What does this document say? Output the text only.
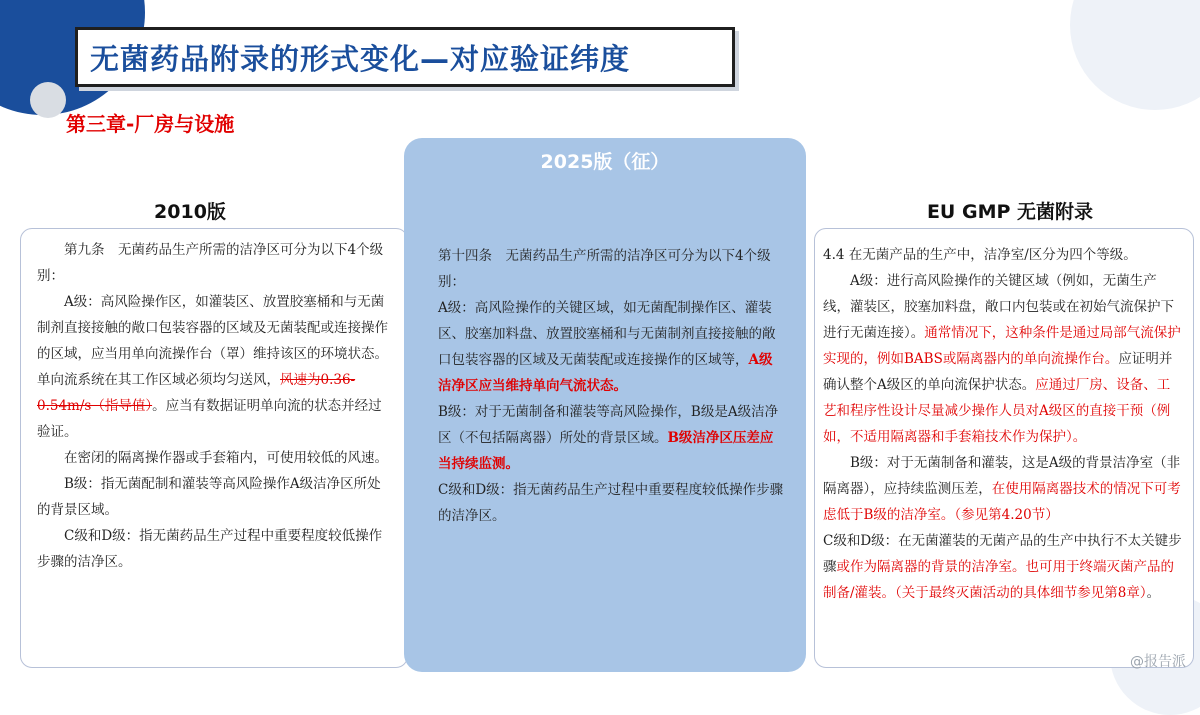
无菌药品附录的形式变化—对应验证纬度
第三章-厂房与设施
2010版

第九条　无菌药品生产所需的洁净区可分为以下4个级别：

A级：高风险操作区，如灌装区、放置胶塞桶和与无菌制剂直接接触的敞口包装容器的区域及无菌装配或连接操作的区域，应当用单向流操作台（罩）维持该区的环境状态。单向流系统在其工作区域必须均匀送风，风速为0.36-0.54m/s（指导值）。应当有数据证明单向流的状态并经过验证。

在密闭的隔离操作器或手套箱内，可使用较低的风速。

B级：指无菌配制和灌装等高风险操作A级洁净区所处的背景区域。

C级和D级：指无菌药品生产过程中重要程度较低操作步骤的洁净区。

2025版（征）

第十四条　无菌药品生产所需的洁净区可分为以下4个级别：

A级：高风险操作的关键区域，如无菌配制操作区、灌装区、胶塞加料盘、放置胶塞桶和与无菌制剂直接接触的敞口包装容器的区域及无菌装配或连接操作的区域等，A级洁净区应当维持单向气流状态。

B级：对于无菌制备和灌装等高风险操作，B级是A级洁净区（不包括隔离器）所处的背景区域。B级洁净区压差应当持续监测。

C级和D级：指无菌药品生产过程中重要程度较低操作步骤的洁净区。

EU GMP 无菌附录

4.4 在无菌产品的生产中，洁净室/区分为四个等级。

A级：进行高风险操作的关键区域（例如，无菌生产线，灌装区，胶塞加料盘，敞口内包装或在初始气流保护下进行无菌连接）。通常情况下，这种条件是通过局部气流保护实现的，例如BABS或隔离器内的单向流操作台。应证明并确认整个A级区的单向流保护状态。应通过厂房、设备、工艺和程序性设计尽量减少操作人员对A级区的直接干预（例如，不适用隔离器和手套箱技术作为保护）。

B级：对于无菌制备和灌装，这是A级的背景洁净室（非隔离器），应持续监测压差，在使用隔离器技术的情况下可考虑低于B级的洁净室。（参见第4.20节）

C级和D级：在无菌灌装的无菌产品的生产中执行不太关键步骤或作为隔离器的背景的洁净室。也可用于终端灭菌产品的制备/灌装。（关于最终灭菌活动的具体细节参见第8章）。

@报告派
